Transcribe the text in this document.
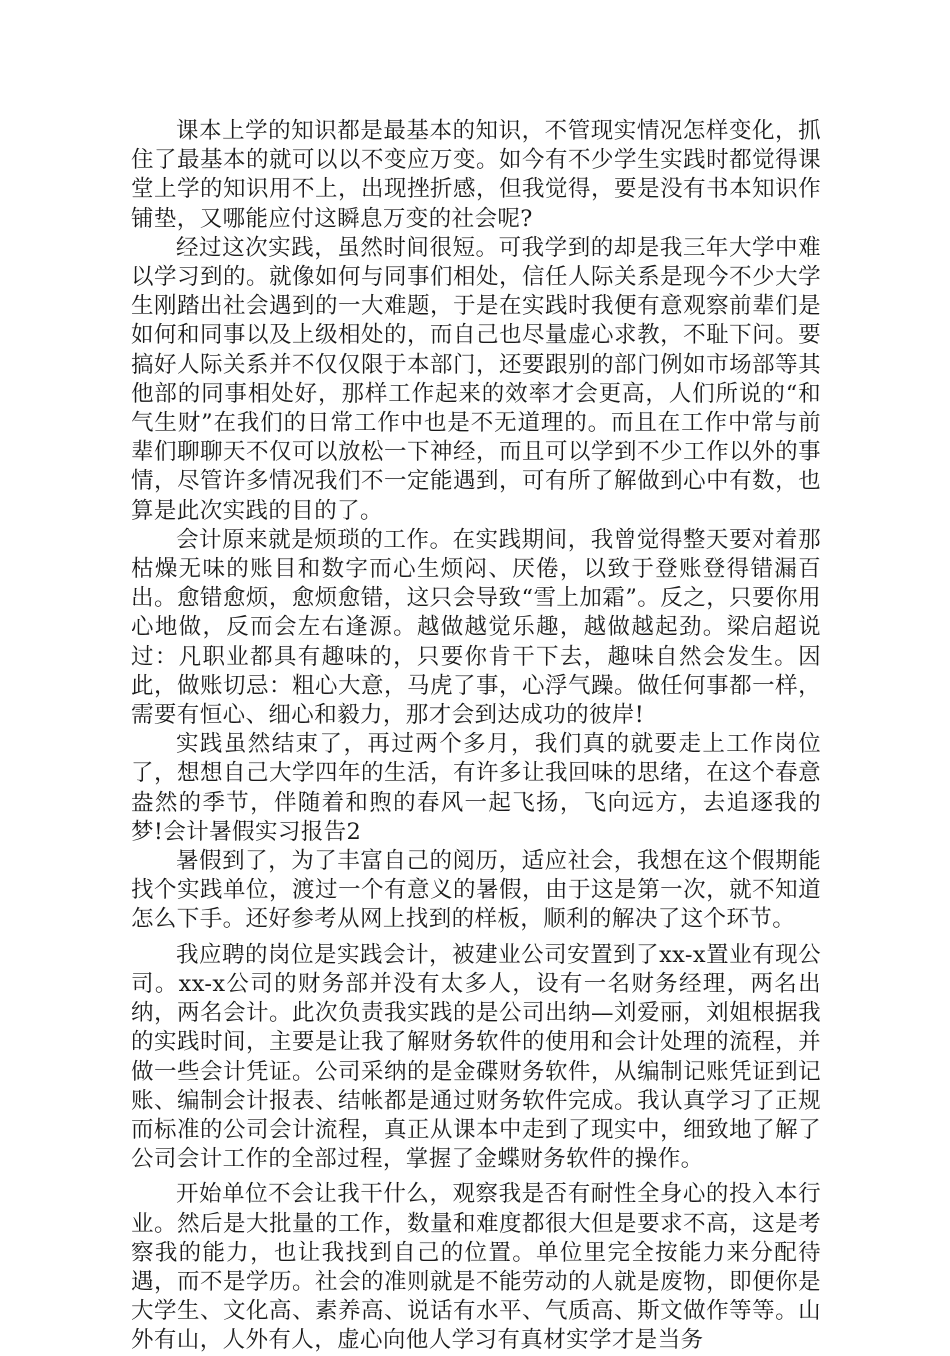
课本上学的知识都是最基本的知识，不管现实情况怎样变化，抓住了最基本的就可以以不变应万变。如今有不少学生实践时都觉得课堂上学的知识用不上，出现挫折感，但我觉得，要是没有书本知识作铺垫，又哪能应付这瞬息万变的社会呢?

经过这次实践，虽然时间很短。可我学到的却是我三年大学中难以学习到的。就像如何与同事们相处，信任人际关系是现今不少大学生刚踏出社会遇到的一大难题，于是在实践时我便有意观察前辈们是如何和同事以及上级相处的，而自己也尽量虚心求教，不耻下问。要搞好人际关系并不仅仅限于本部门，还要跟别的部门例如市场部等其他部的同事相处好，那样工作起来的效率才会更高，人们所说的“和气生财”在我们的日常工作中也是不无道理的。而且在工作中常与前辈们聊聊天不仅可以放松一下神经，而且可以学到不少工作以外的事情，尽管许多情况我们不一定能遇到，可有所了解做到心中有数，也算是此次实践的目的了。

会计原来就是烦琐的工作。在实践期间，我曾觉得整天要对着那枯燥无味的账目和数字而心生烦闷、厌倦，以致于登账登得错漏百出。愈错愈烦，愈烦愈错，这只会导致“雪上加霜”。反之，只要你用心地做，反而会左右逢源。越做越觉乐趣，越做越起劲。梁启超说过：凡职业都具有趣味的，只要你肯干下去，趣味自然会发生。因此，做账切忌：粗心大意，马虎了事，心浮气躁。做任何事都一样，需要有恒心、细心和毅力，那才会到达成功的彼岸!

实践虽然结束了，再过两个多月，我们真的就要走上工作岗位了，想想自己大学四年的生活，有许多让我回味的思绪，在这个春意盎然的季节，伴随着和煦的春风一起飞扬，飞向远方，去追逐我的梦!会计暑假实习报告2

暑假到了，为了丰富自己的阅历，适应社会，我想在这个假期能找个实践单位，渡过一个有意义的暑假，由于这是第一次，就不知道怎么下手。还好参考从网上找到的样板，顺利的解决了这个环节。

我应聘的岗位是实践会计，被建业公司安置到了xx-x置业有现公司。xx-x公司的财务部并没有太多人，设有一名财务经理，两名出纳，两名会计。此次负责我实践的是公司出纳—刘爱丽，刘姐根据我的实践时间，主要是让我了解财务软件的使用和会计处理的流程，并做一些会计凭证。公司采纳的是金碟财务软件，从编制记账凭证到记账、编制会计报表、结帐都是通过财务软件完成。我认真学习了正规而标准的公司会计流程，真正从课本中走到了现实中，细致地了解了公司会计工作的全部过程，掌握了金蝶财务软件的操作。

开始单位不会让我干什么，观察我是否有耐性全身心的投入本行业。然后是大批量的工作，数量和难度都很大但是要求不高，这是考察我的能力，也让我找到自己的位置。单位里完全按能力来分配待遇，而不是学历。社会的准则就是不能劳动的人就是废物，即便你是大学生、文化高、素养高、说话有水平、气质高、斯文做作等等。山外有山，人外有人，虚心向他人学习有真材实学才是当务
